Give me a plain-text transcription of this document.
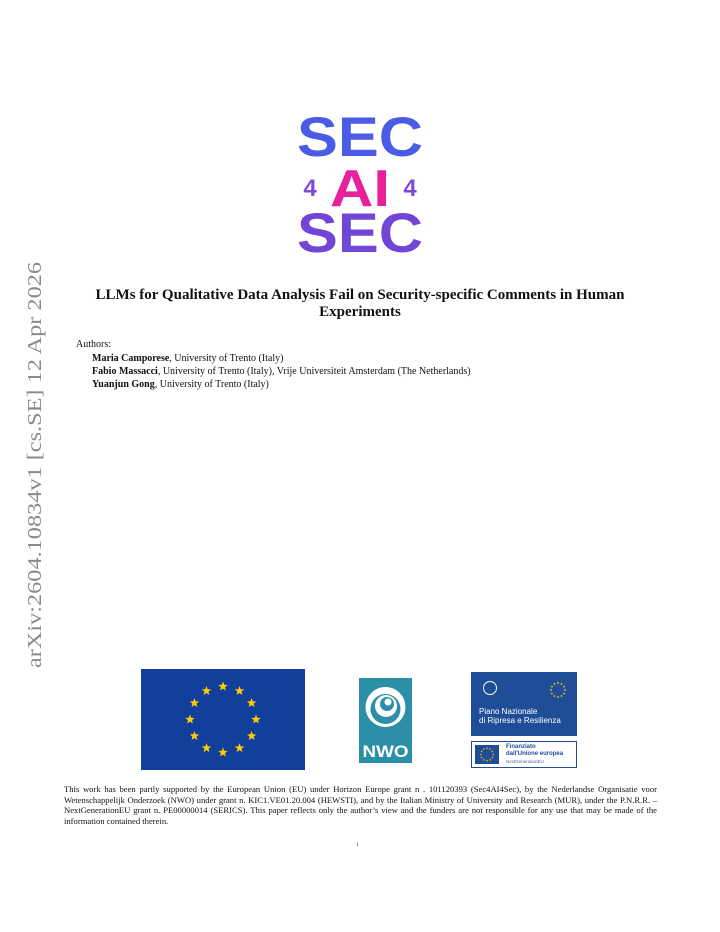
arXiv:2604.10834v1 [cs.SE] 12 Apr 2026
SEC
4 AI 4
SEC
LLMs for Qualitative Data Analysis Fail on Security-specific Comments in Human Experiments
Authors:
Maria Camporese, University of Trento (Italy)
Fabio Massacci, University of Trento (Italy), Vrije Universiteit Amsterdam (The Netherlands)
Yuanjun Gong, University of Trento (Italy)
NWO
Piano Nazionale
di Ripresa e Resilienza
Finanziato
dall'Unione europea
NextGenerationEU
This work has been partly supported by the European Union (EU) under Horizon Europe grant n . 101120393 (Sec4AI4Sec), by the Nederlandse Organisatie voor Wetenschappelijk Onderzoek (NWO) under grant n. KIC1.VE01.20.004 (HEWSTI), and by the Italian Ministry of University and Research (MUR), under the P.N.R.R. – NextGenerationEU grant n. PE00000014 (SERICS). This paper reflects only the author’s view and the funders are not responsible for any use that may be made of the information contained therein.
1
